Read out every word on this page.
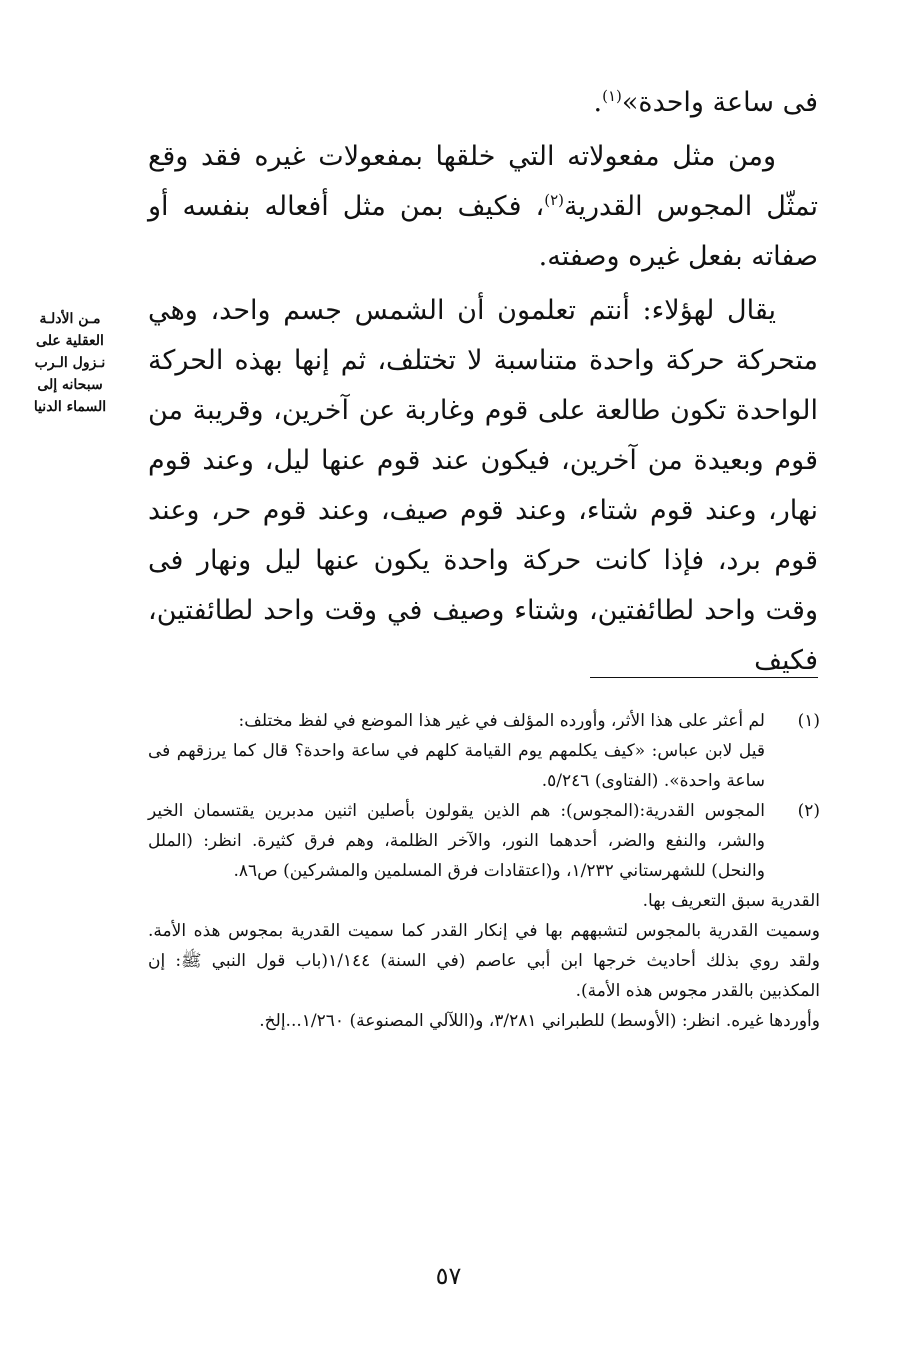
فى ساعة واحدة»$^{(١)}$.

ومن مثل مفعولاته التي خلقها بمفعولات غيره فقد وقع تمثّل المجوس القدرية$^{(٢)}$، فكيف بمن مثل أفعاله بنفسه أو صفاته بفعل غيره وصفته.

يقال لهؤلاء: أنتم تعلمون أن الشمس جسم واحد، وهي متحركة حركة واحدة متناسبة لا تختلف، ثم إنها بهذه الحركة الواحدة تكون طالعة على قوم وغاربة عن آخرين، وقريبة من قوم وبعيدة من آخرين، فيكون عند قوم عنها ليل، وعند قوم نهار، وعند قوم شتاء، وعند قوم صيف، وعند قوم حر، وعند قوم برد، فإذا كانت حركة واحدة يكون عنها ليل ونهار فى وقت واحد لطائفتين، وشتاء وصيف في وقت واحد لطائفتين، فكيف

مـن الأدلـة
العقلية على
نـزول الـرب
سبحانه إلى
السماء الدنيا
(١)

لم أعثر على هذا الأثر، وأورده المؤلف في غير هذا الموضع في لفظ مختلف:

قيل لابن عباس: «كيف يكلمهم يوم القيامة كلهم في ساعة واحدة؟ قال كما يرزقهم فى ساعة واحدة». (الفتاوى) ٥/٢٤٦.

(٢)

المجوس القدرية:(المجوس): هم الذين يقولون بأصلين اثنين مدبرين يقتسمان الخير والشر، والنفع والضر، أحدهما النور، والآخر الظلمة، وهم فرق كثيرة. انظر: (الملل والنحل) للشهرستاني ١/٢٣٢، و(اعتقادات فرق المسلمين والمشركين) ص٨٦.

القدرية سبق التعريف بها.

وسميت القدرية بالمجوس لتشبههم بها في إنكار القدر كما سميت القدرية بمجوس هذه الأمة. ولقد روي بذلك أحاديث خرجها ابن أبي عاصم (في السنة) ١/١٤٤(باب قول النبي ﷺ: إن المكذبين بالقدر مجوس هذه الأمة).

وأوردها غيره. انظر: (الأوسط) للطبراني ٣/٢٨١، و(اللآلي المصنوعة) ١/٢٦٠...إلخ.

٥٧
